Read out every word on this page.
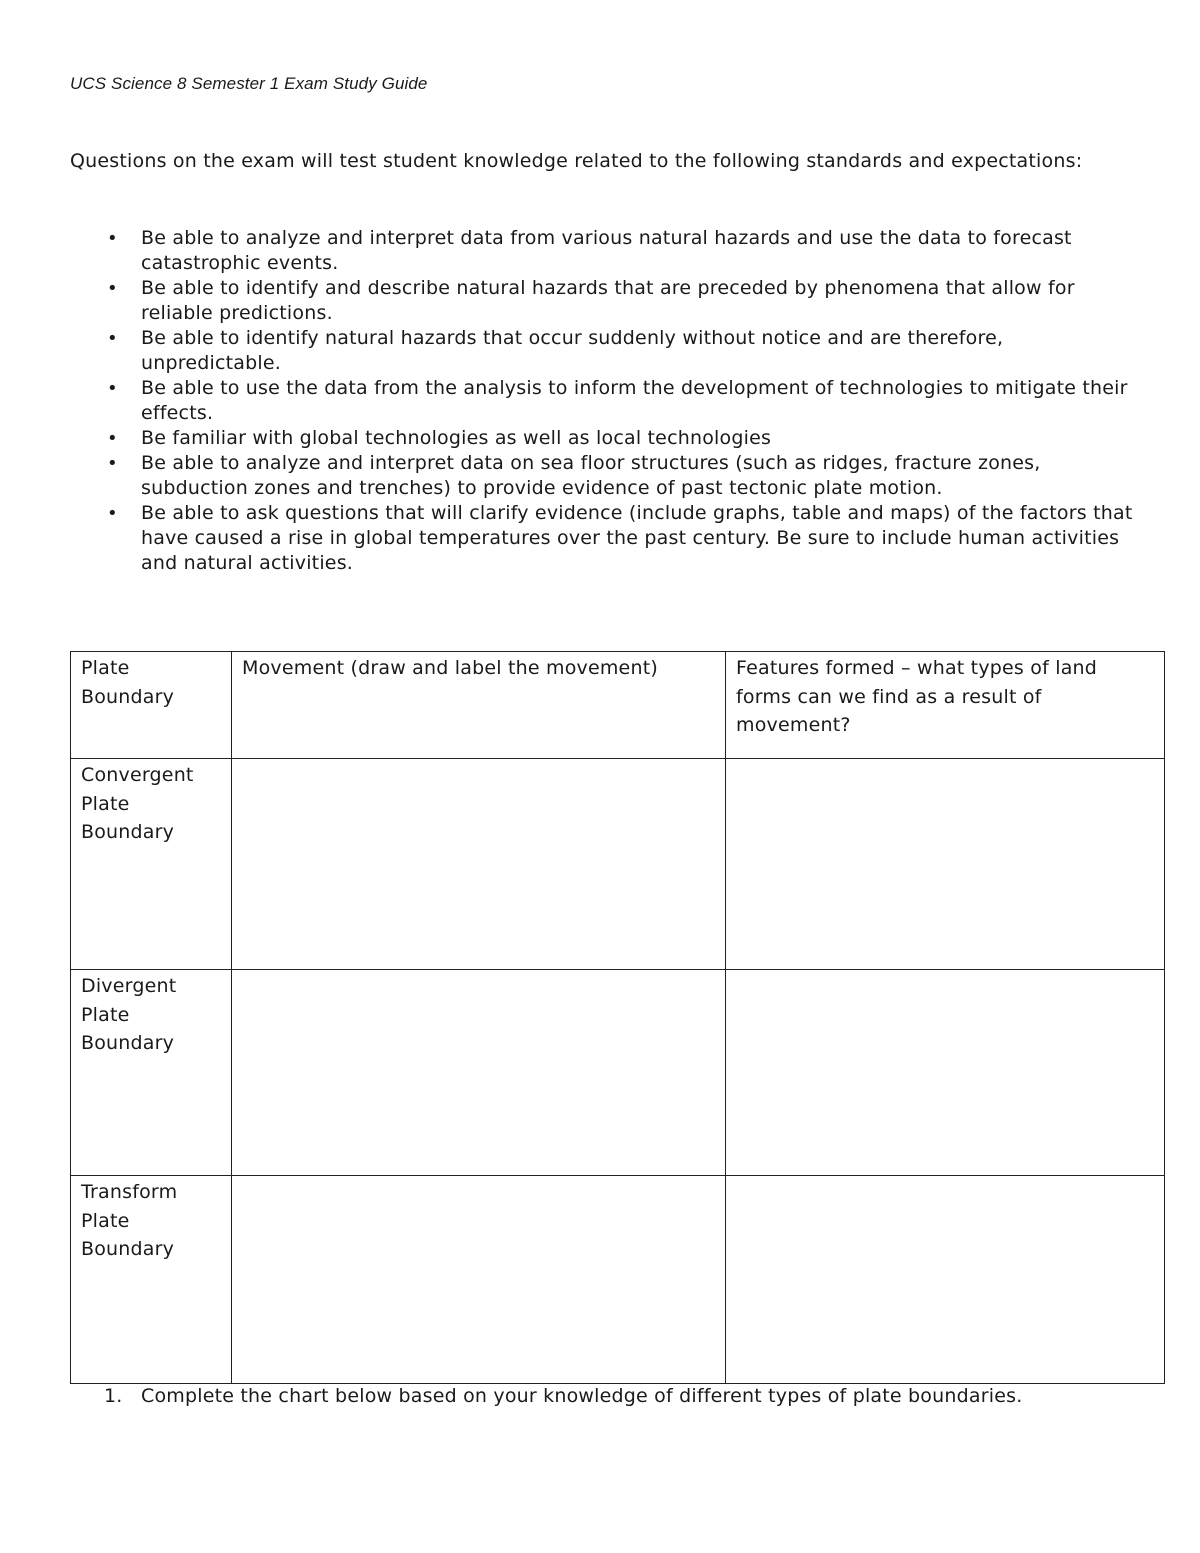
UCS Science 8 Semester 1 Exam Study Guide
Questions on the exam will test student knowledge related to the following standards and expectations:
• Be able to analyze and interpret data from various natural hazards and use the data to forecast catastrophic events.
• Be able to identify and describe natural hazards that are preceded by phenomena that allow for reliable predictions.
• Be able to identify natural hazards that occur suddenly without notice and are therefore, unpredictable.
• Be able to use the data from the analysis to inform the development of technologies to mitigate their effects.
• Be familiar with global technologies as well as local technologies
• Be able to analyze and interpret data on sea floor structures (such as ridges, fracture zones, subduction zones and trenches) to provide evidence of past tectonic plate motion.
• Be able to ask questions that will clarify evidence (include graphs, table and maps) of the factors that have caused a rise in global temperatures over the past century. Be sure to include human activities and natural activities.
Plate Boundary	Movement (draw and label the movement)	Features formed – what types of land forms can we find as a result of movement?
Convergent Plate Boundary		
Divergent Plate Boundary		
Transform Plate Boundary		
1. Complete the chart below based on your knowledge of different types of plate boundaries.
